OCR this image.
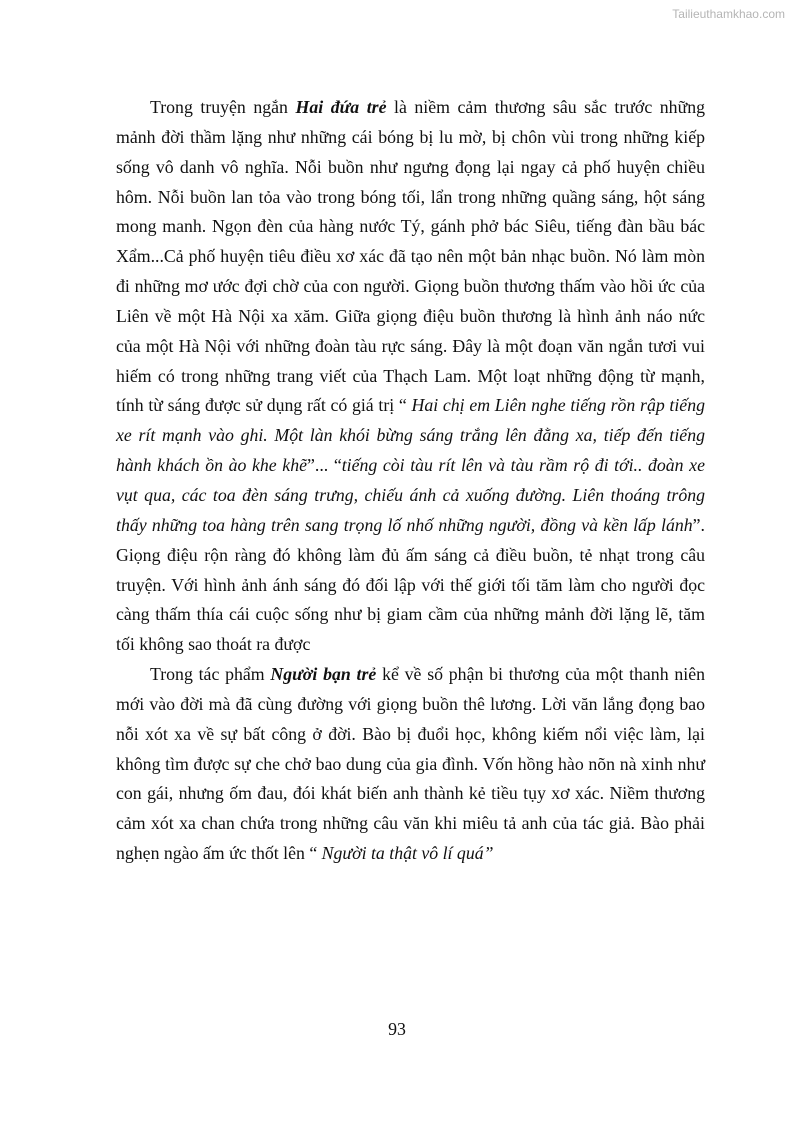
Tailieuthamkhao.com

Trong truyện ngắn Hai đứa trẻ là niềm cảm thương sâu sắc trước những mảnh đời thầm lặng như những cái bóng bị lu mờ, bị chôn vùi trong những kiếp sống vô danh vô nghĩa. Nỗi buồn như ngưng đọng lại ngay cả phố huyện chiều hôm. Nỗi buồn lan tỏa vào trong bóng tối, lẩn trong những quầng sáng, hột sáng mong manh. Ngọn đèn của hàng nước Tý, gánh phở bác Siêu, tiếng đàn bầu bác Xẩm...Cả phố huyện tiêu điều xơ xác đã tạo nên một bản nhạc buồn. Nó làm mòn đi những mơ ước đợi chờ của con người. Giọng buồn thương thấm vào hồi ức của Liên về một Hà Nội xa xăm. Giữa giọng điệu buồn thương là hình ảnh náo nức của một Hà Nội với những đoàn tàu rực sáng. Đây là một đoạn văn ngắn tươi vui hiếm có trong những trang viết của Thạch Lam. Một loạt những động từ mạnh, tính từ sáng được sử dụng rất có giá trị “ Hai chị em Liên nghe tiếng rồn rập tiếng xe rít mạnh vào ghi. Một làn khói bừng sáng trắng lên đằng xa, tiếp đến tiếng hành khách ồn ào khe khẽ”... “tiếng còi tàu rít lên và tàu rầm rộ đi tới.. đoàn xe vụt qua, các toa đèn sáng trưng, chiếu ánh cả xuống đường. Liên thoáng trông thấy những toa hàng trên sang trọng lố nhố những người, đồng và kền lấp lánh”. Giọng điệu rộn ràng đó không làm đủ ấm sáng cả điều buồn, tẻ nhạt trong câu truyện. Với hình ảnh ánh sáng đó đối lập với thế giới tối tăm làm cho người đọc càng thấm thía cái cuộc sống như bị giam cầm của những mảnh đời lặng lẽ, tăm tối không sao thoát ra được

Trong tác phẩm Người bạn trẻ kể về số phận bi thương của một thanh niên mới vào đời mà đã cùng đường với giọng buồn thê lương. Lời văn lắng đọng bao nỗi xót xa về sự bất công ở đời. Bào bị đuổi học, không kiếm nổi việc làm, lại không tìm được sự che chở bao dung của gia đình. Vốn hồng hào nõn nà xinh như con gái, nhưng ốm đau, đói khát biến anh thành kẻ tiều tụy xơ xác. Niềm thương cảm xót xa chan chứa trong những câu văn khi miêu tả anh của tác giả. Bào phải nghẹn ngào ấm ức thốt lên “ Người ta thật vô lí quá”

93
